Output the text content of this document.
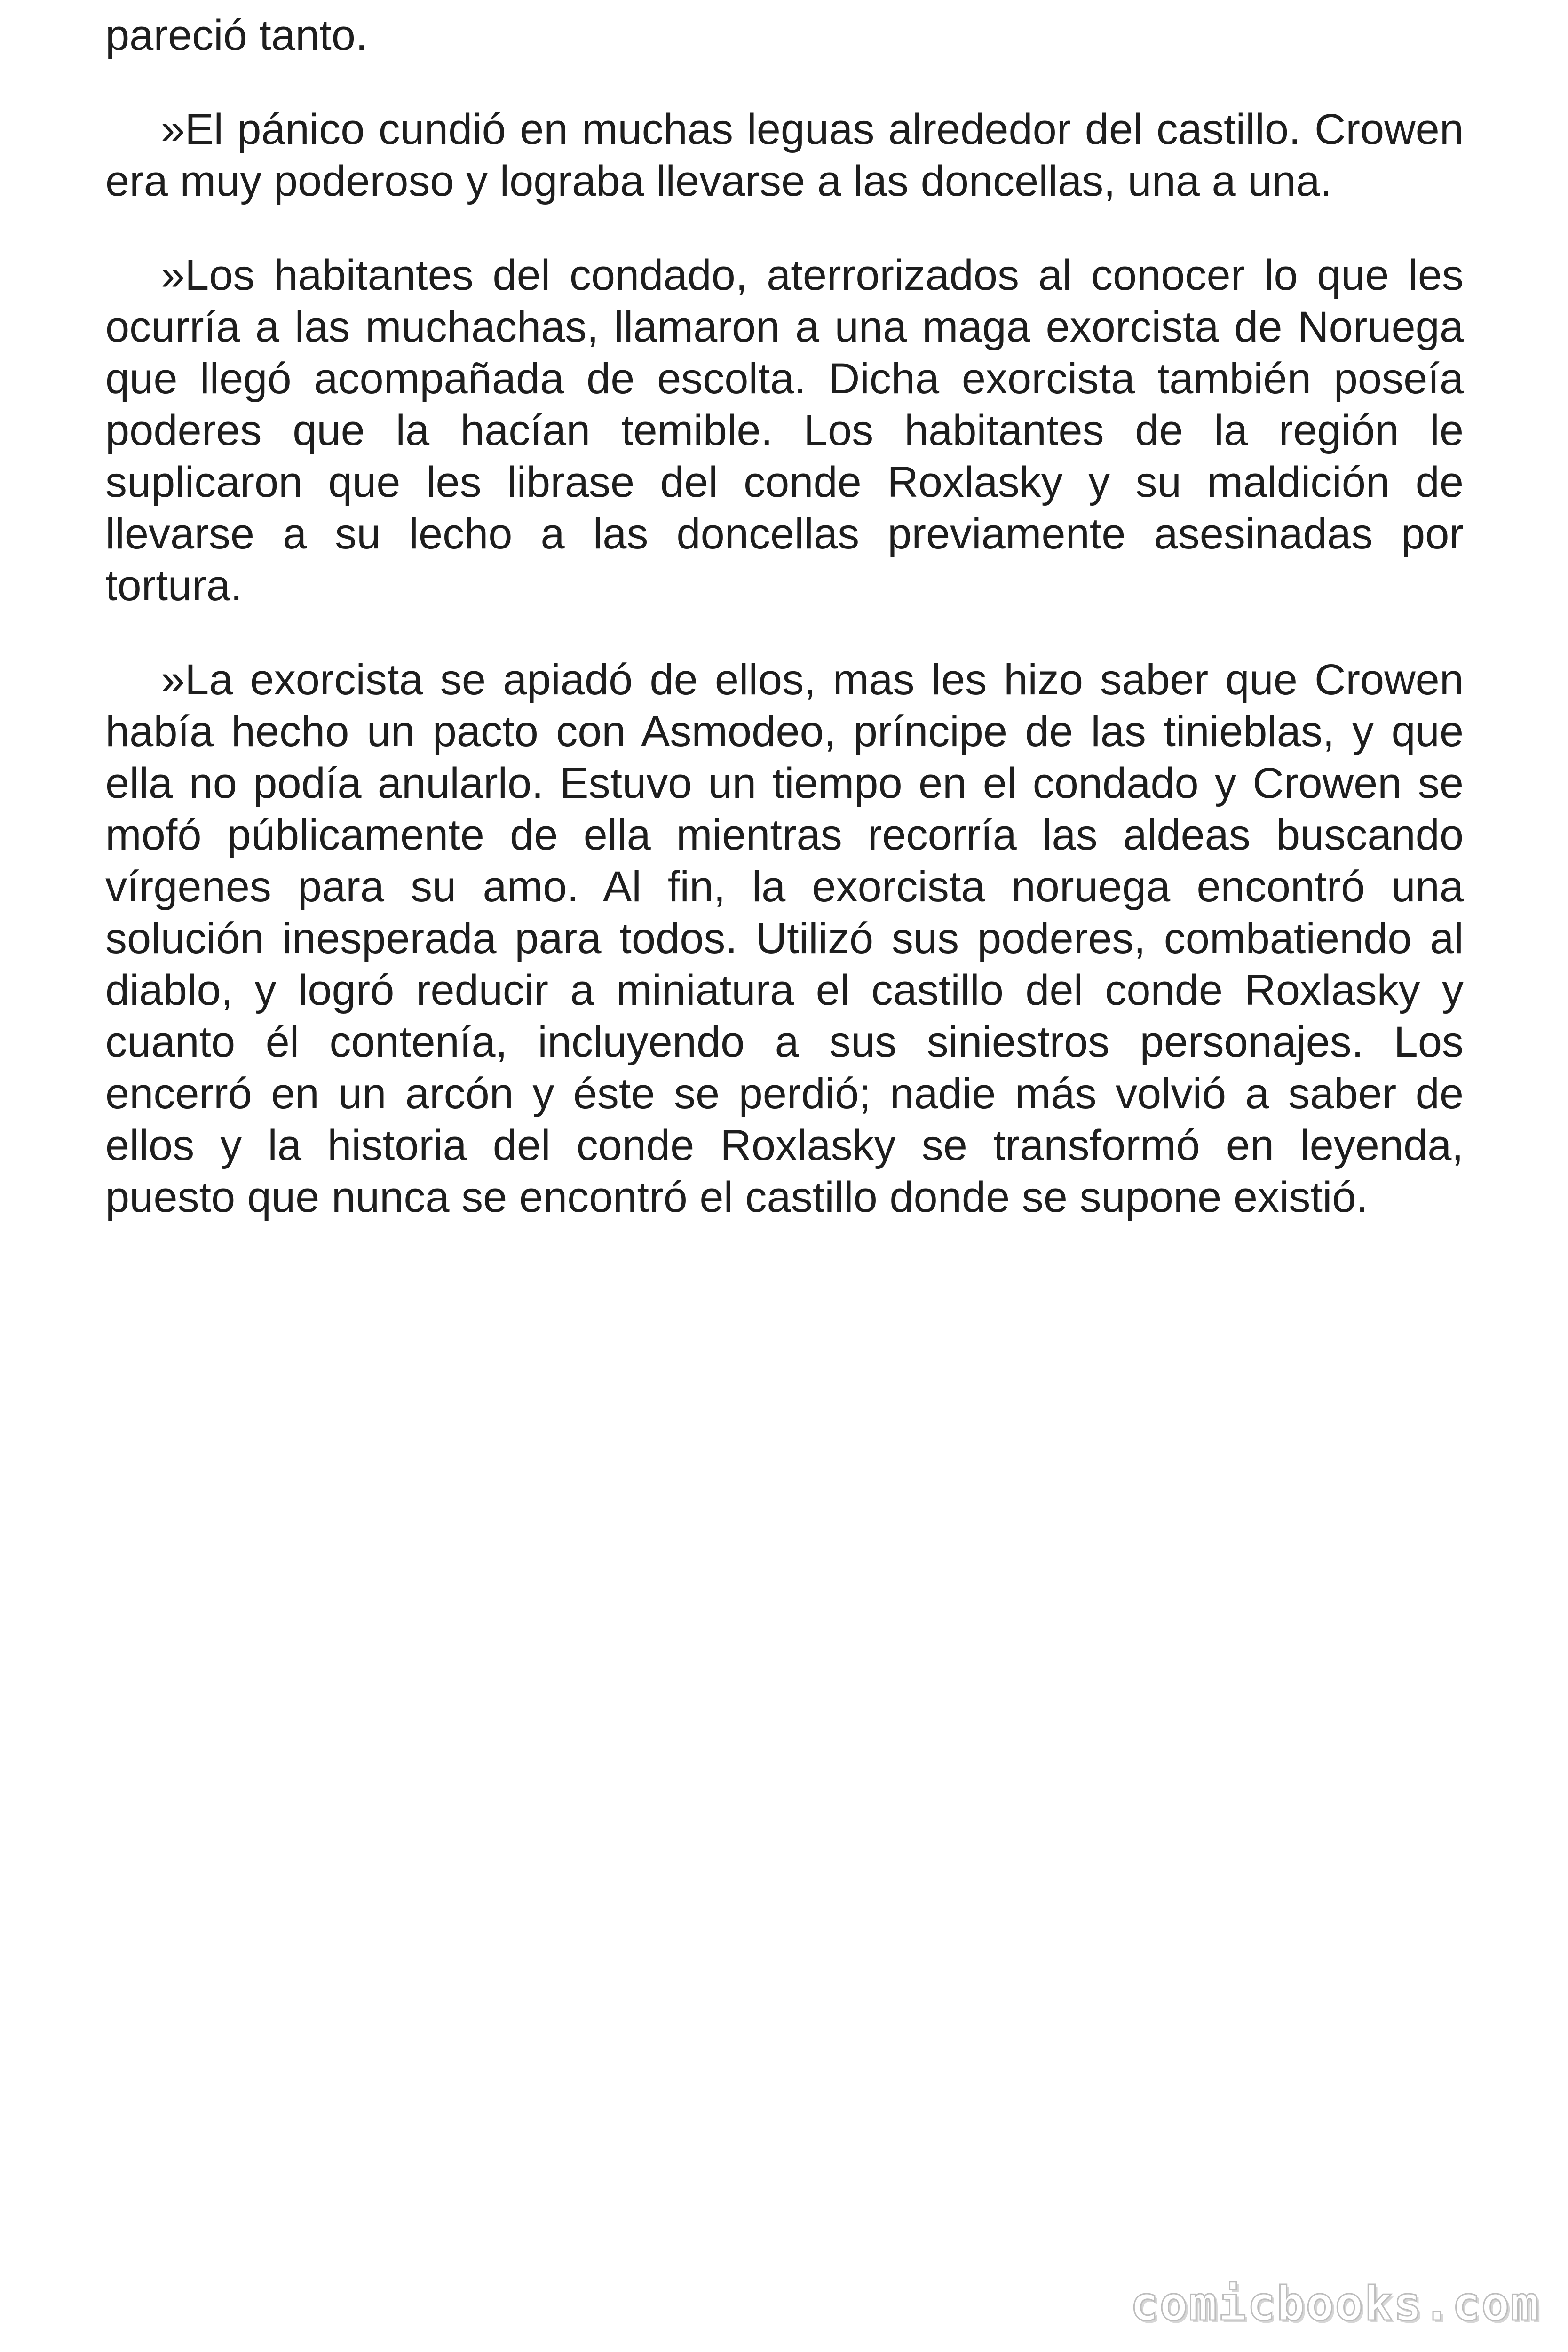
pareció tanto.

»El pánico cundió en muchas leguas alrededor del castillo. Crowen era muy poderoso y lograba llevarse a las doncellas, una a una.

»Los habitantes del condado, aterrorizados al conocer lo que les ocurría a las muchachas, llamaron a una maga exorcista de Noruega que llegó acompañada de escolta. Dicha exorcista también poseía poderes que la hacían temible. Los habitantes de la región le suplicaron que les librase del conde Roxlasky y su maldición de llevarse a su lecho a las doncellas previamente asesinadas por tortura.

»La exorcista se apiadó de ellos, mas les hizo saber que Crowen había hecho un pacto con Asmodeo, príncipe de las tinieblas, y que ella no podía anularlo. Estuvo un tiempo en el condado y Crowen se mofó públicamente de ella mientras recorría las aldeas buscando vírgenes para su amo. Al fin, la exorcista noruega encontró una solución inesperada para todos. Utilizó sus poderes, combatiendo al diablo, y logró reducir a miniatura el castillo del conde Roxlasky y cuanto él contenía, incluyendo a sus siniestros personajes. Los encerró en un arcón y éste se perdió; nadie más volvió a saber de ellos y la historia del conde Roxlasky se transformó en leyenda, puesto que nunca se encontró el castillo donde se supone existió.

comicbooks.com
